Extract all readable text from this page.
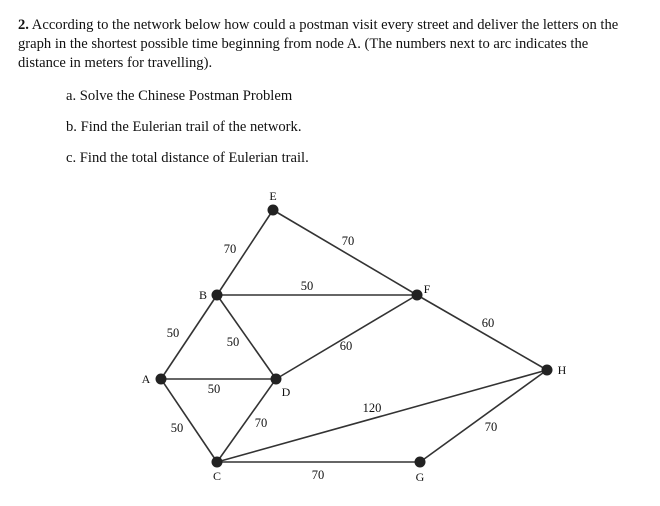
2. According to the network below how could a postman visit every street and deliver the letters on the graph in the shortest possible time beginning from node A. (The numbers next to arc indicates the distance in meters for travelling).
a. Solve the Chinese Postman Problem
b. Find the Eulerian trail of the network.
c. Find the total distance of Eulerian trail.
70
70
50
50
50	60
60
50
50	70
120
70
70
A
B
C
D
E
F
G
H
